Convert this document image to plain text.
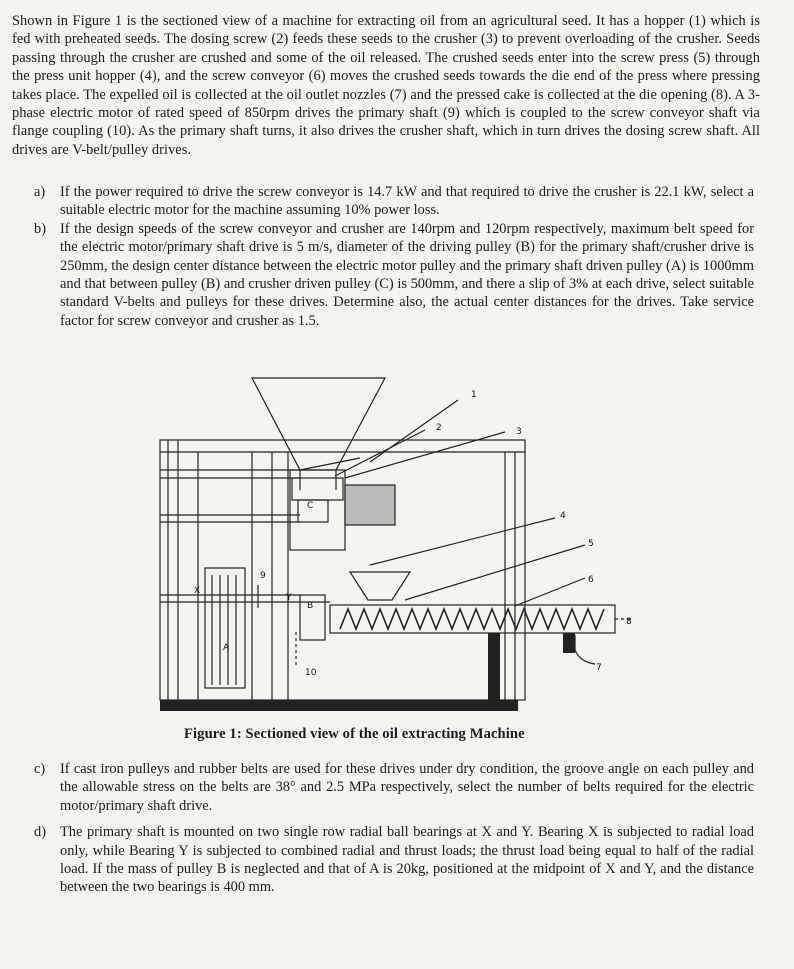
Shown in Figure 1 is the sectioned view of a machine for extracting oil from an agricultural seed. It has a hopper (1) which is fed with preheated seeds. The dosing screw (2) feeds these seeds to the crusher (3) to prevent overloading of the crusher. Seeds passing through the crusher are crushed and some of the oil released. The crushed seeds enter into the screw press (5) through the press unit hopper (4), and the screw conveyor (6) moves the crushed seeds towards the die end of the press where pressing takes place. The expelled oil is collected at the oil outlet nozzles (7) and the pressed cake is collected at the die opening (8). A 3-phase electric motor of rated speed of 850rpm drives the primary shaft (9) which is coupled to the screw conveyor shaft via flange coupling (10). As the primary shaft turns, it also drives the crusher shaft, which in turn drives the dosing screw shaft. All drives are V-belt/pulley drives.

a)	If the power required to drive the screw conveyor is 14.7 kW and that required to drive the crusher is 22.1 kW, select a suitable electric motor for the machine assuming 10% power loss.
b) If the design speeds of the screw conveyor and crusher are 140rpm and 120rpm respectively, maximum belt speed for the electric motor/primary shaft drive is 5 m/s, diameter of the driving pulley (B) for the primary shaft/crusher drive is 250mm, the design center distance between the electric motor pulley and the primary shaft driven pulley (A) is 1000mm and that between pulley (B) and crusher driven pulley (C) is 500mm, and there a slip of 3% at each drive, select suitable standard V-belts and pulleys for these drives. Determine also, the actual center distances for the drives. Take service factor for screw conveyor and crusher as 1.5.
1
2	3
4
5
6
7
8
9
10
A
B
C
X
Y
Figure 1: Sectioned view of the oil extracting Machine
c)	If cast iron pulleys and rubber belts are used for these drives under dry condition, the groove angle on each pulley and the allowable stress on the belts are 38° and 2.5 MPa respectively, select the number of belts required for the electric motor/primary shaft drive.
d) The primary shaft is mounted on two single row radial ball bearings at X and Y. Bearing X is subjected to radial load only, while Bearing Y is subjected to combined radial and thrust loads; the thrust load being equal to half of the radial load. If the mass of pulley B is neglected and that of A is 20kg, positioned at the midpoint of X and Y, and the distance between the two bearings is 400 mm.
